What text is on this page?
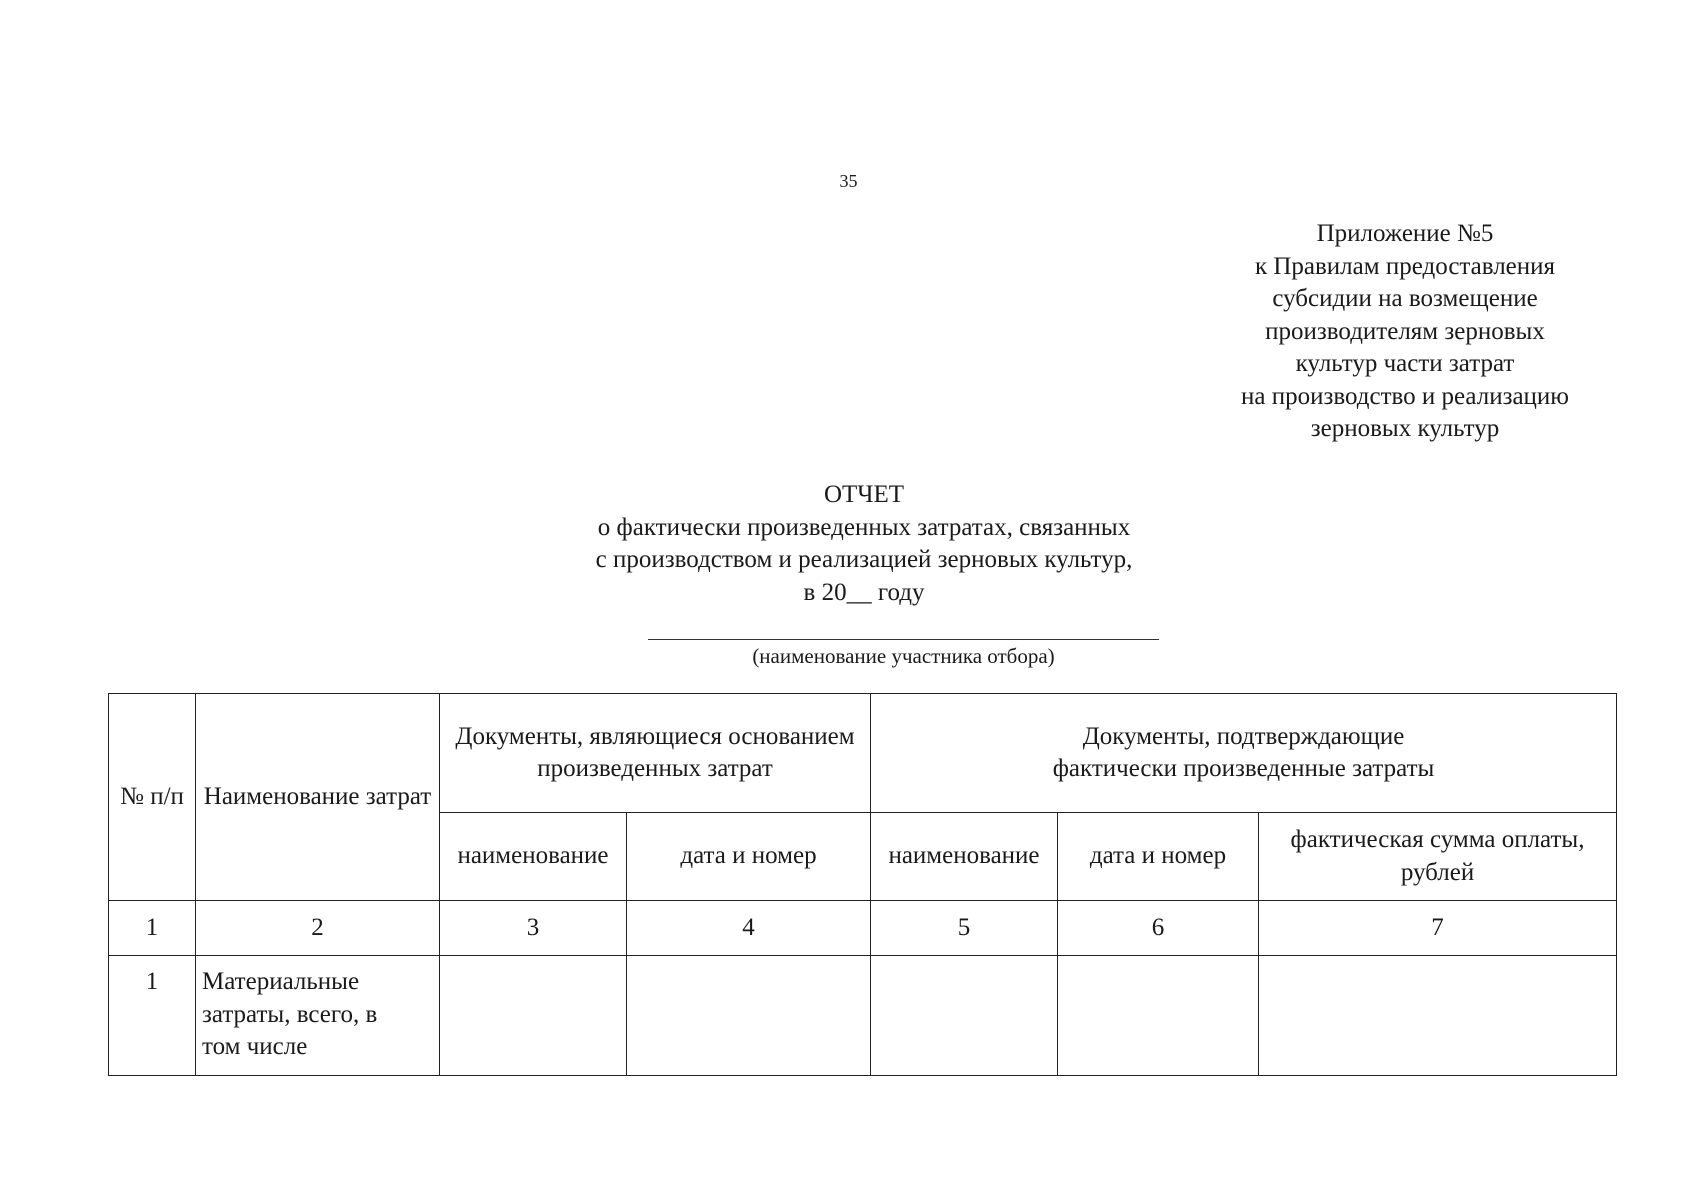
35
Приложение №5
к Правилам предоставления
субсидии на возмещение
производителям зерновых
культур части затрат
на производство и реализацию
зерновых культур
ОТЧЕТ
о фактически произведенных затратах, связанных
с производством и реализацией зерновых культур,
в 20__ году
(наименование участника отбора)
№ п/п	Наименование затрат	Документы, являющиеся основанием произведенных затрат		Документы, подтверждающие фактически произведенные затраты		
		наименование	дата и номер	наименование	дата и номер	фактическая сумма оплаты, рублей
1	2	3	4	5	6	7
1	Материальные затраты, всего, в том числе					
